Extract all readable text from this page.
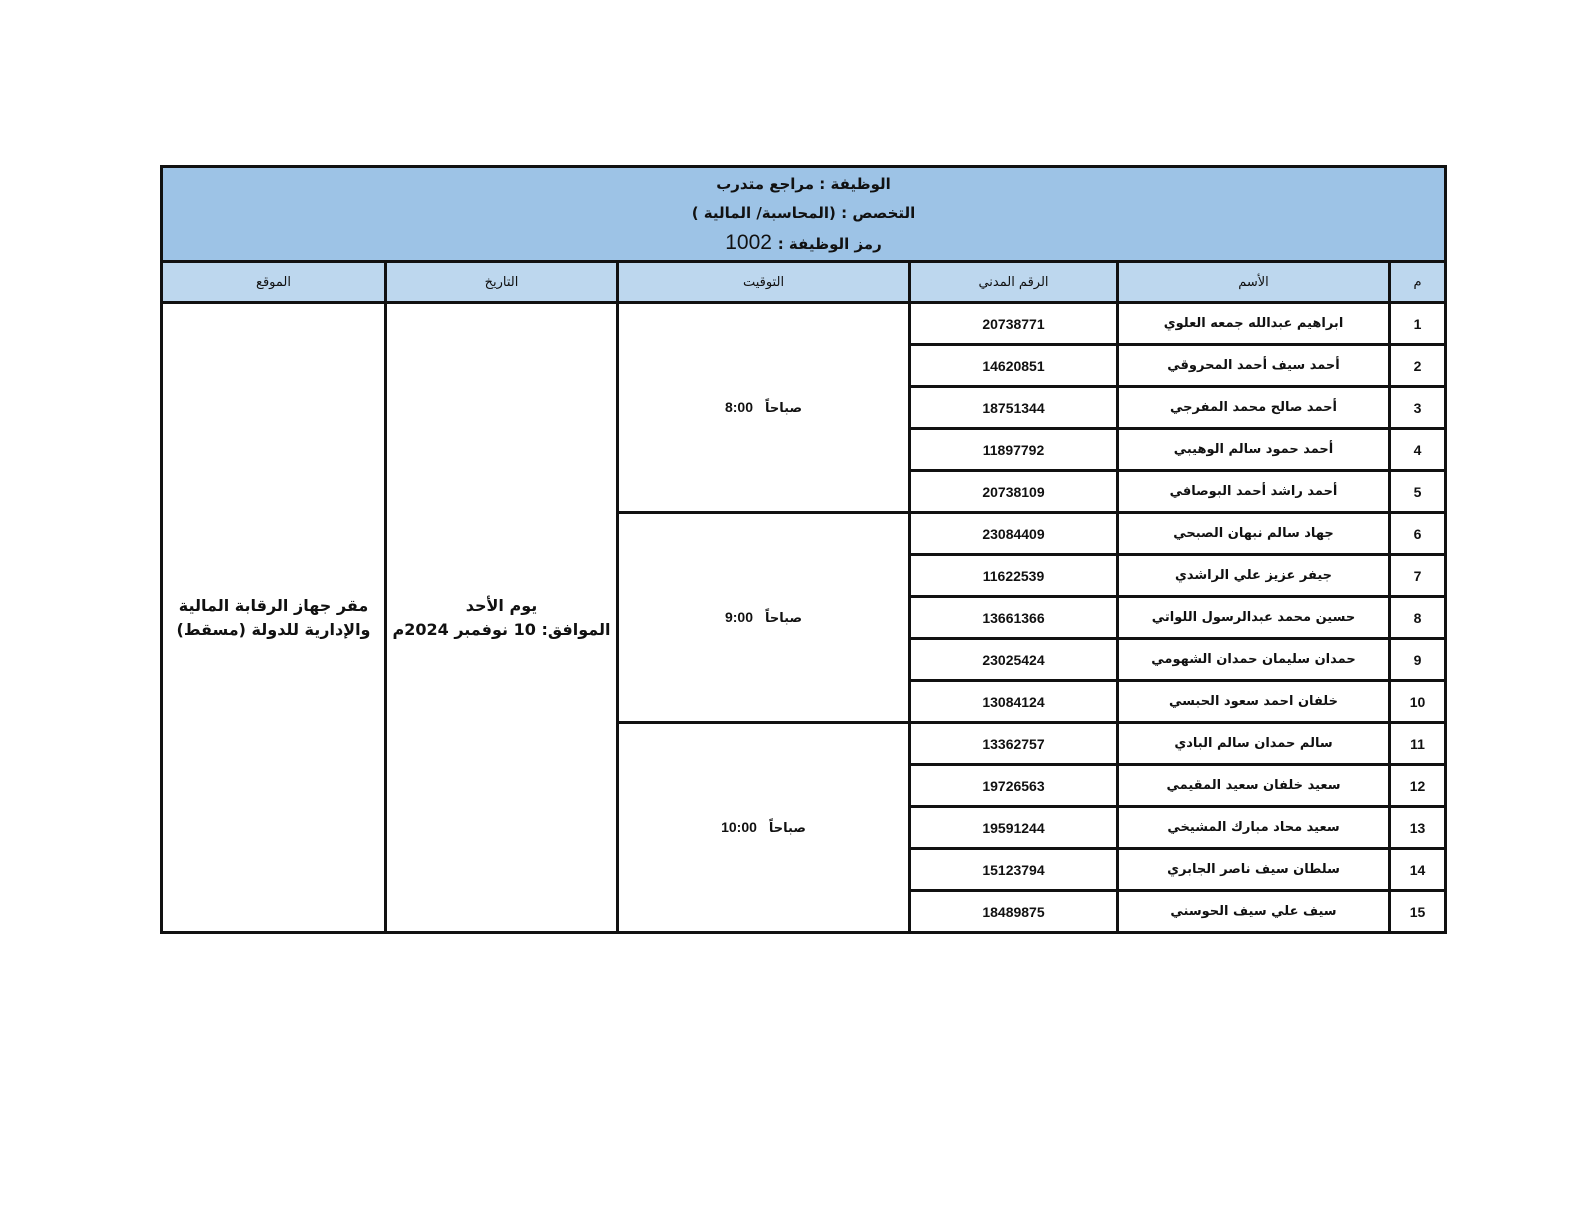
الوظيفة : مراجع متدرب
التخصص : (المحاسبة/ المالية )
رمز الوظيفة : 1002					

م	الأسم	الرقم المدني	التوقيت	التاريخ	الموقع
1	ابراهيم عبدالله جمعه العلوي	20738771	صباحاً8:00	يوم الأحد
الموافق: 10 نوفمبر 2024م	مقر جهاز الرقابة المالية
والإدارية للدولة (مسقط)

2	أحمد سيف أحمد المحروقي	14620851			
3	أحمد صالح محمد المفرجي	18751344			
4	أحمد حمود سالم الوهيبي	11897792			
5	أحمد راشد أحمد البوصافي	20738109			
6	جهاد سالم نبهان الصبحي	23084409	صباحاً9:00		

7	جيفر عزيز علي الراشدي	11622539			
8	حسين محمد عبدالرسول اللواتي	13661366			
9	حمدان سليمان حمدان الشهومي	23025424			
10	خلفان احمد سعود الحبسي	13084124			
11	سالم حمدان سالم البادي	13362757	صباحاً10:00		

12	سعيد خلفان سعيد المقيمي	19726563			
13	سعيد محاد مبارك المشيخي	19591244			
14	سلطان سيف ناصر الجابري	15123794			
15	سيف علي سيف الحوسني	18489875			
